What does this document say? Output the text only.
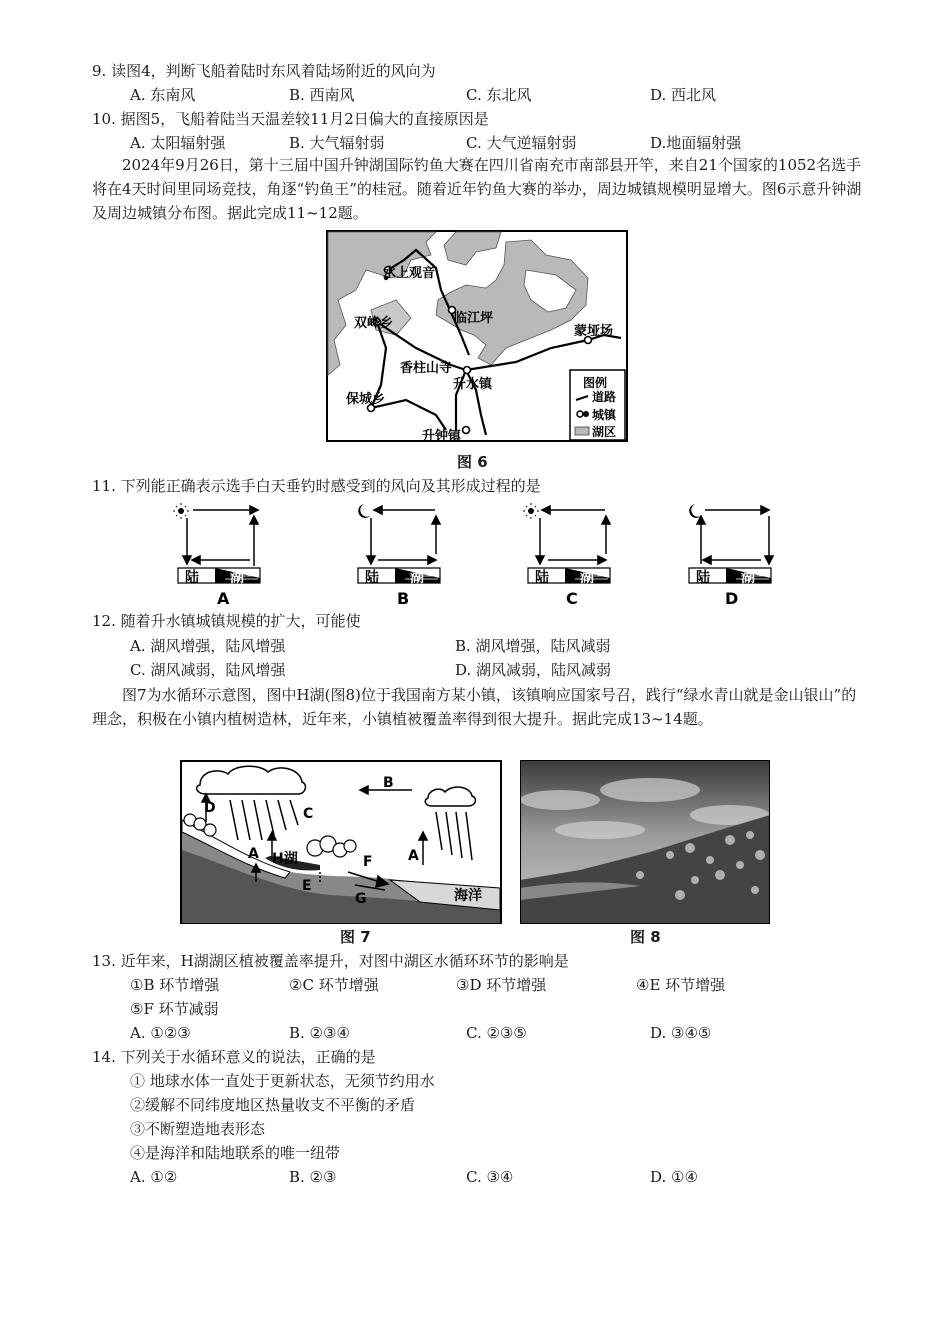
9. 读图4，判断飞船着陆时东风着陆场附近的风向为
A. 东南风	B. 西南风	C. 东北风	D. 西北风
10. 据图5，飞船着陆当天温差较11月2日偏大的直接原因是
A. 太阳辐射强	B. 大气辐射弱	C. 大气逆辐射弱	D.地面辐射强
2024年9月26日，第十三届中国升钟湖国际钓鱼大赛在四川省南充市南部县开竿，来自21个国家的1052名选手将在4天时间里同场竞技，角逐“钓鱼王”的桂冠。随着近年钓鱼大赛的举办，周边城镇规模明显增大。图6示意升钟湖及周边城镇分布图。据此完成11~12题。
水上观音
双峰乡	临江坪
蒙垭场
香柱山寺
升水镇
保城乡
升钟镇
图例
道路
城镇
湖区
图 6
11. 下列能正确表示选手白天垂钓时感受到的风向及其形成过程的是
陆 湖
A
陆 湖
B
陆 湖
C
陆 湖
D
12. 随着升水镇城镇规模的扩大，可能使
A. 湖风增强，陆风增强	B. 湖风增强，陆风减弱
C. 湖风减弱，陆风增强	D. 湖风减弱，陆风减弱
图7为水循环示意图，图中H湖(图8)位于我国南方某小镇，该镇响应国家号召，践行“绿水青山就是金山银山”的理念，积极在小镇内植树造林，近年来，小镇植被覆盖率得到很大提升。据此完成13~14题。
B
C
D
A	A
H湖
E
F
G	海洋
图 7	图 8
13. 近年来，H湖湖区植被覆盖率提升，对图中湖区水循环环节的影响是
①B 环节增强	②C 环节增强	③D 环节增强	④E 环节增强
⑤F 环节减弱
A. ①②③	B. ②③④	C. ②③⑤	D. ③④⑤
14. 下列关于水循环意义的说法，正确的是
① 地球水体一直处于更新状态，无须节约用水
②缓解不同纬度地区热量收支不平衡的矛盾
③不断塑造地表形态
④是海洋和陆地联系的唯一纽带
A. ①②	B. ②③	C. ③④	D. ①④
